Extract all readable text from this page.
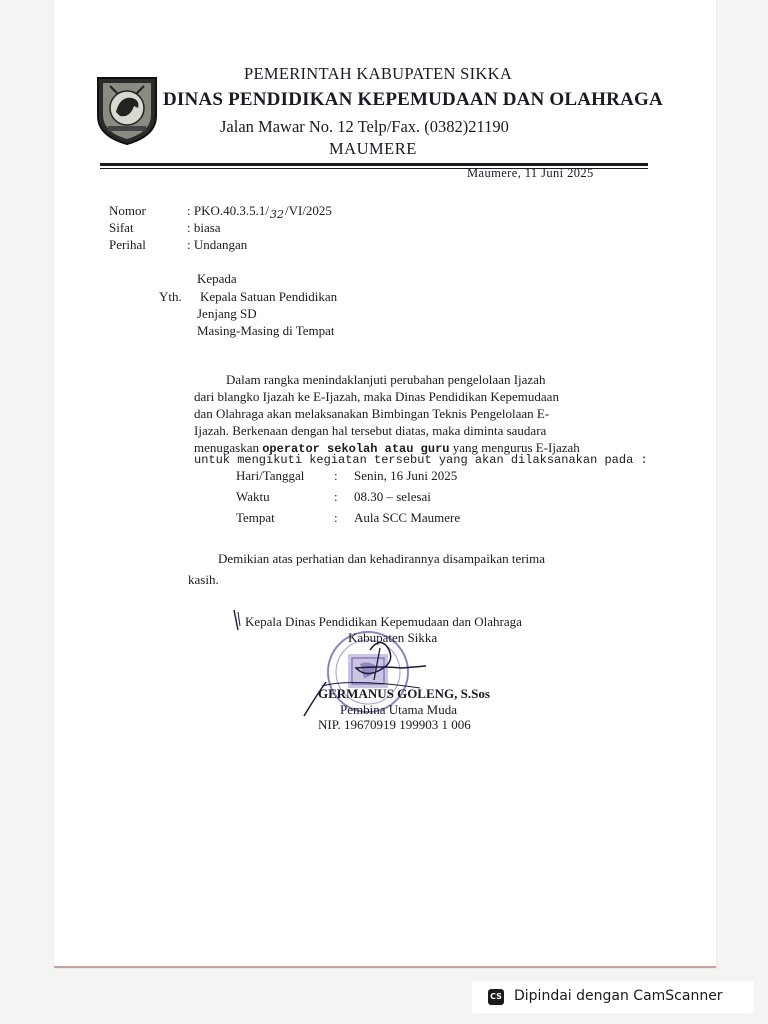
PEMERINTAH KABUPATEN SIKKA
DINAS PENDIDIKAN KEPEMUDAAN DAN OLAHRAGA
Jalan Mawar No. 12 Telp/Fax. (0382)21190
MAUMERE
Maumere, 11 Juni 2025
Nomor	: $PKO.40.3.5.1/_{32}/VI/2025$
Sifat	: biasa
Perihal	: Undangan
Kepada
Yth. Kepala Satuan Pendidikan
Jenjang SD
Masing-Masing di Tempat
Dalam rangka menindaklanjuti perubahan pengelolaan Ijazah
dari blangko Ijazah ke E-Ijazah, maka Dinas Pendidikan Kepemudaan
dan Olahraga akan melaksanakan Bimbingan Teknis Pengelolaan E-
Ijazah. Berkenaan dengan hal tersebut diatas, maka diminta saudara
menugaskan operator sekolah atau guru yang mengurus E-Ijazah
untuk mengikuti kegiatan tersebut yang akan dilaksanakan pada :
Hari/Tanggal : Senin, 16 Juni 2025
Waktu	: 08.30 – selesai
Tempat	: Aula SCC Maumere
Demikian atas perhatian dan kehadirannya disampaikan terima
kasih.
Kepala Dinas Pendidikan Kepemudaan dan Olahraga
Kabupaten Sikka
GERMANUS GOLENG, S.Sos
Pembina Utama Muda
NIP. 19670919 199903 1 006
CS Dipindai dengan CamScanner
